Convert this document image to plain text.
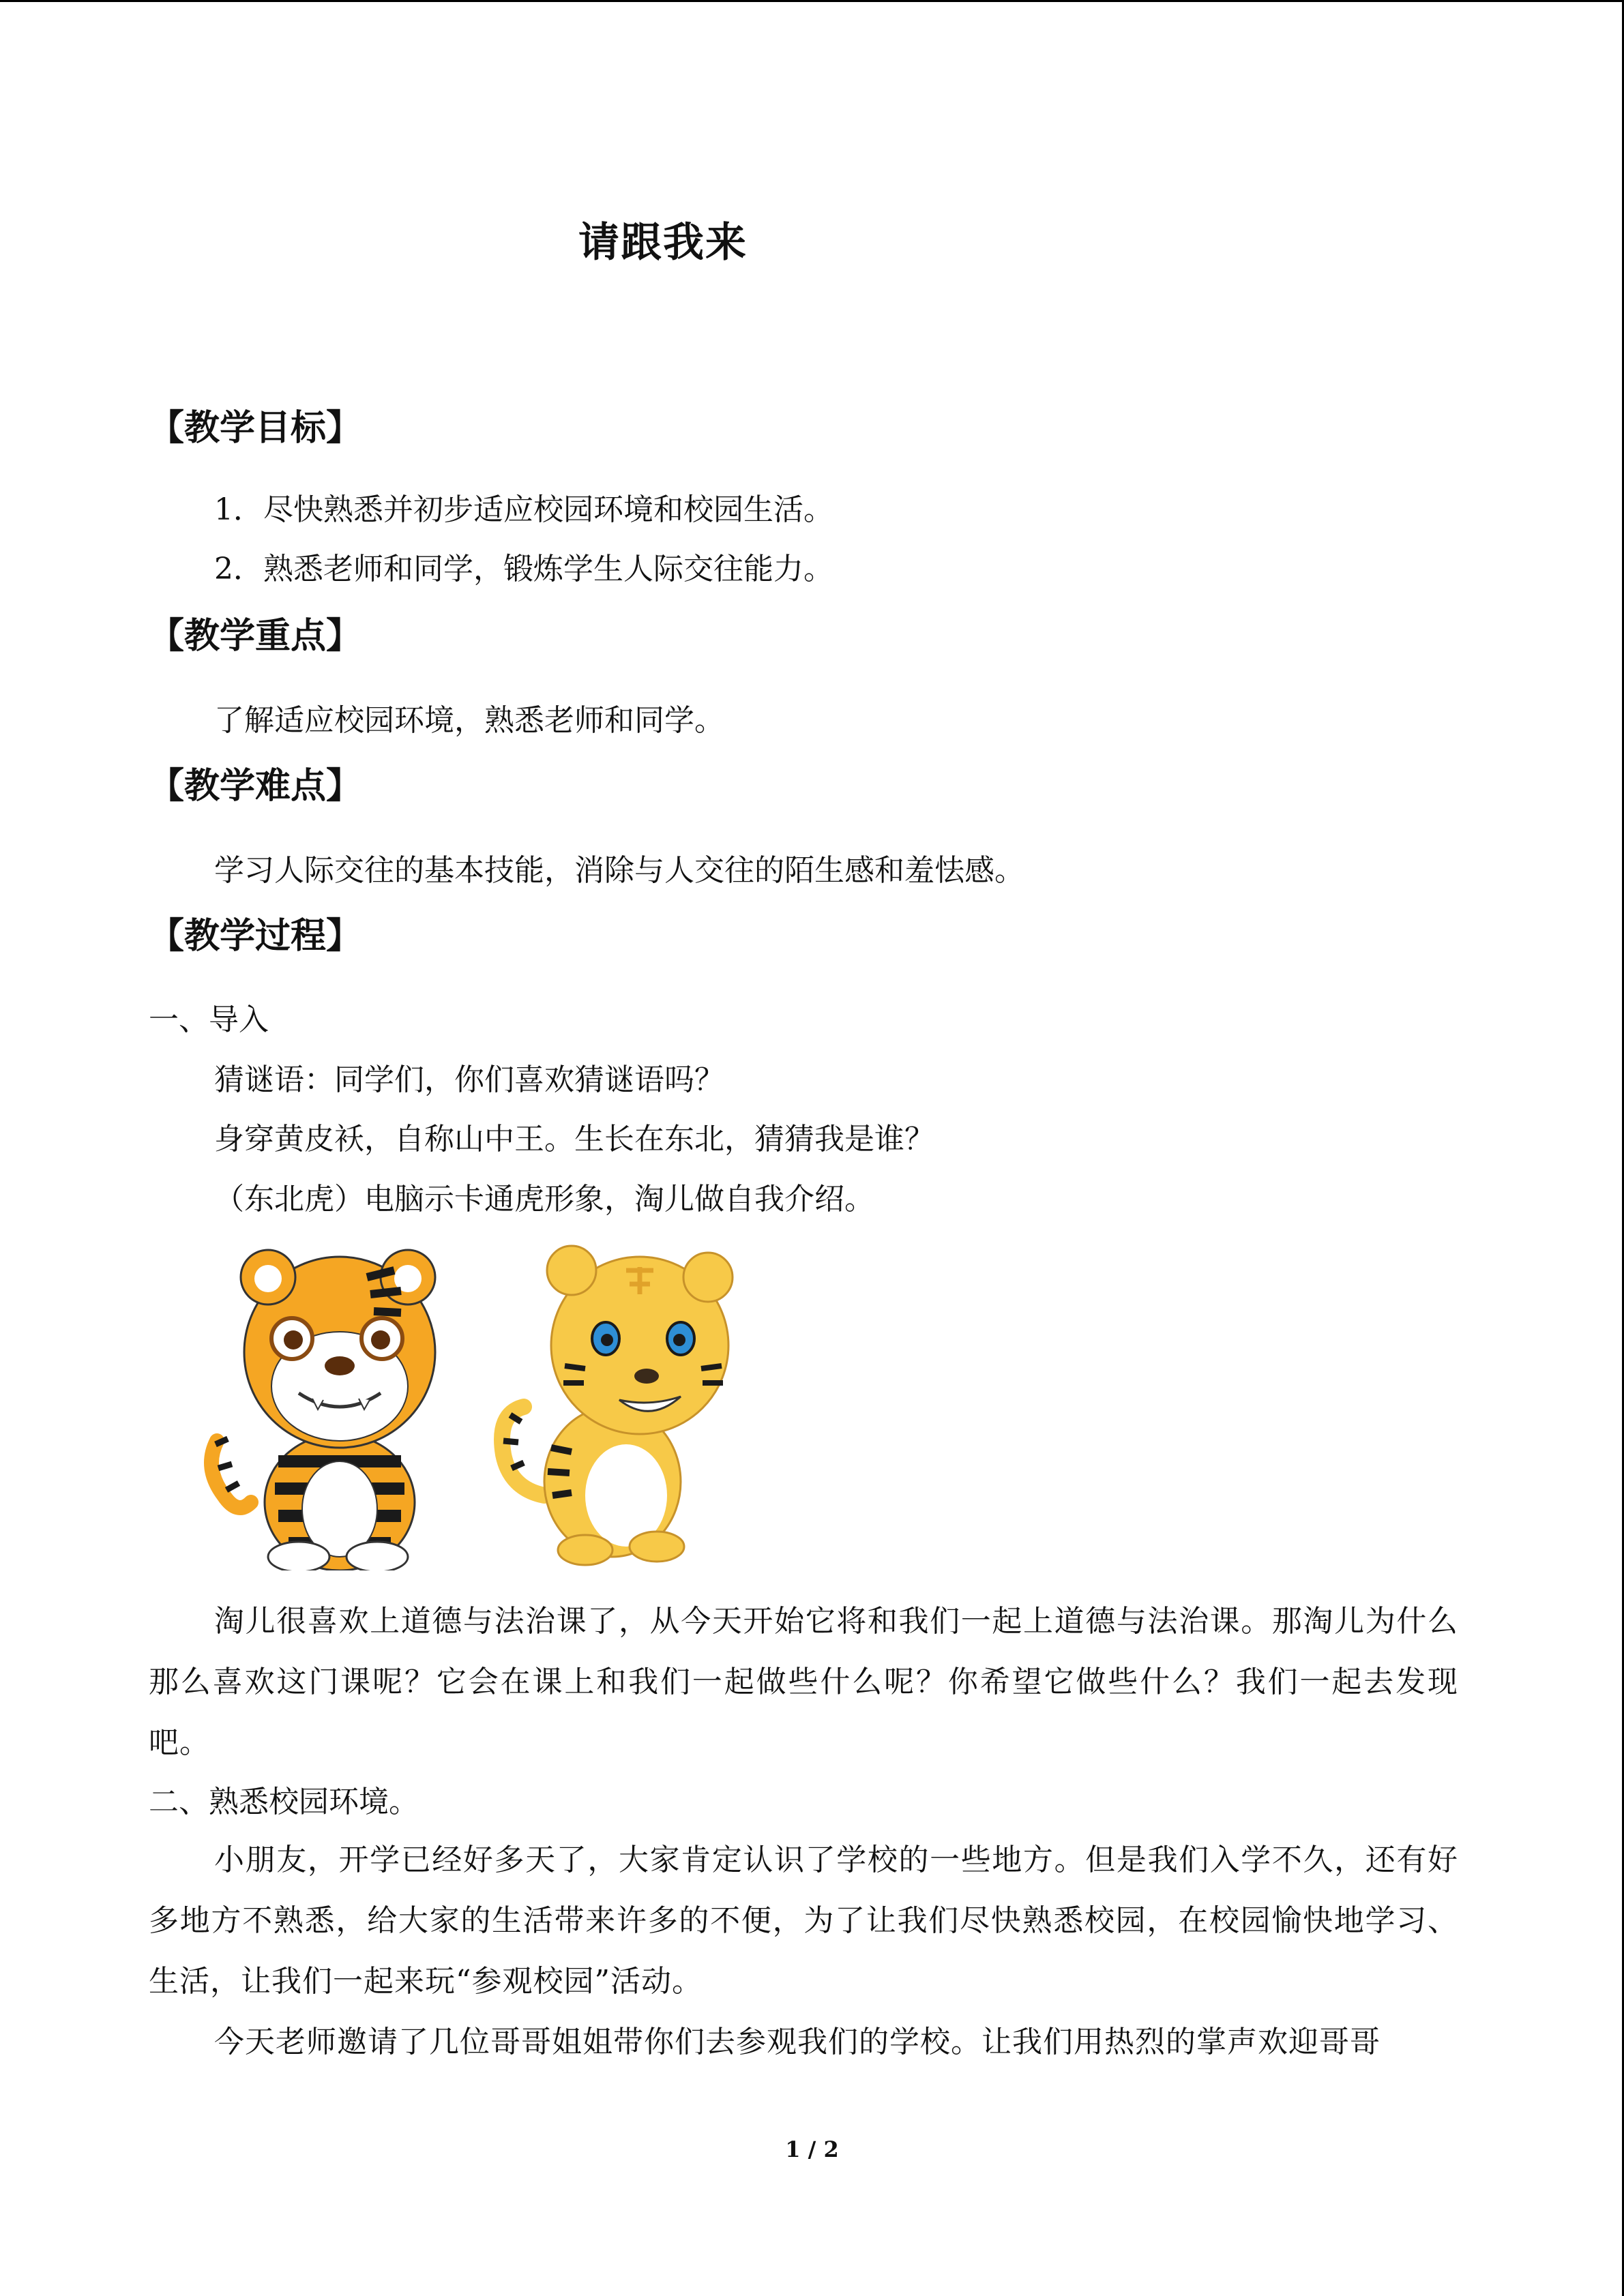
请跟我来
【教学目标】
1．尽快熟悉并初步适应校园环境和校园生活。
2．熟悉老师和同学，锻炼学生人际交往能力。
【教学重点】
了解适应校园环境，熟悉老师和同学。
【教学难点】
学习人际交往的基本技能，消除与人交往的陌生感和羞怯感。
【教学过程】
一、导入
猜谜语：同学们，你们喜欢猜谜语吗？
身穿黄皮袄，自称山中王。生长在东北，猜猜我是谁？
（东北虎）电脑示卡通虎形象，淘儿做自我介绍。
淘儿很喜欢上道德与法治课了，从今天开始它将和我们一起上道德与法治课。那淘儿为什么那么喜欢这门课呢？它会在课上和我们一起做些什么呢？你希望它做些什么？我们一起去发现吧。
二、熟悉校园环境。
小朋友，开学已经好多天了，大家肯定认识了学校的一些地方。但是我们入学不久，还有好多地方不熟悉，给大家的生活带来许多的不便，为了让我们尽快熟悉校园，在校园愉快地学习、生活，让我们一起来玩“参观校园”活动。
今天老师邀请了几位哥哥姐姐带你们去参观我们的学校。让我们用热烈的掌声欢迎哥哥
1 / 2
